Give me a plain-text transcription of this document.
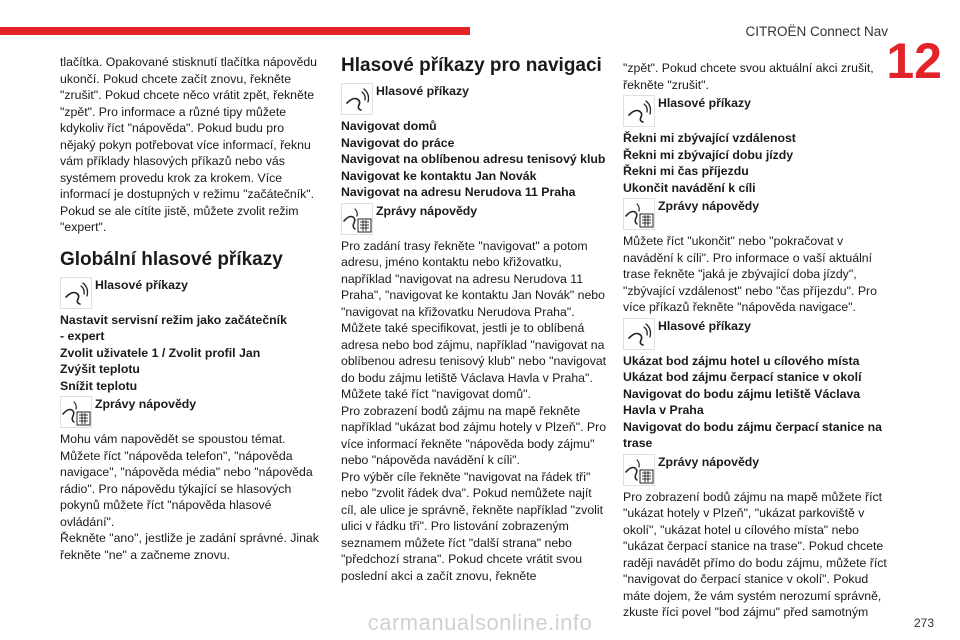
CITROËN Connect Nav
12

tlačítka. Opakované stisknutí tlačítka nápovědu ukončí. Pokud chcete začít znovu, řekněte "zrušit". Pokud chcete něco vrátit zpět, řekněte "zpět". Pro informace a různé tipy můžete kdykoliv říct "nápověda". Pokud budu pro nějaký pokyn potřebovat více informací, řeknu vám příklady hlasových příkazů nebo vás systémem provedu krok za krokem. Více informací je dostupných v režimu "začátečník". Pokud se ale cítíte jistě, můžete zvolit režim "expert".

Globální hlasové příkazy
Hlasové příkazy
Nastavit servisní režim jako začátečník
- expert
Zvolit uživatele 1 / Zvolit profil Jan
Zvýšit teplotu
Snížit teplotu
Zprávy nápovědy

Mohu vám napovědět se spoustou témat. Můžete říct "nápověda telefon", "nápověda navigace", "nápověda média" nebo "nápověda rádio". Pro nápovědu týkající se hlasových pokynů můžete říct "nápověda hlasové ovládání".

Řekněte "ano", jestliže je zadání správné. Jinak řekněte "ne" a začneme znovu.

Hlasové příkazy pro navigaci
Hlasové příkazy
Navigovat domů
Navigovat do práce
Navigovat na oblíbenou adresu tenisový klub
Navigovat ke kontaktu Jan Novák
Navigovat na adresu Nerudova 11 Praha
Zprávy nápovědy

Pro zadání trasy řekněte "navigovat" a potom adresu, jméno kontaktu nebo křižovatku, například "navigovat na adresu Nerudova 11 Praha", "navigovat ke kontaktu Jan Novák" nebo "navigovat na křižovatku Nerudova Praha". Můžete také specifikovat, jestli je to oblíbená adresa nebo bod zájmu, například "navigovat na oblíbenou adresu tenisový klub" nebo "navigovat do bodu zájmu letiště Václava Havla v Praha". Můžete také říct "navigovat domů".

Pro zobrazení bodů zájmu na mapě řekněte například "ukázat bod zájmu hotely v Plzeň". Pro více informací řekněte "nápověda body zájmu" nebo "nápověda navádění k cíli".

Pro výběr cíle řekněte "navigovat na řádek tři" nebo "zvolit řádek dva". Pokud nemůžete najít cíl, ale ulice je správně, řekněte například "zvolit ulici v řádku tři". Pro listování zobrazeným seznamem můžete říct "další strana" nebo "předchozí strana". Pokud chcete vrátit svou poslední akci a začít znovu, řekněte

"zpět". Pokud chcete svou aktuální akci zrušit, řekněte "zrušit".

Hlasové příkazy
Řekni mi zbývající vzdálenost
Řekni mi zbývající dobu jízdy
Řekni mi čas příjezdu
Ukončit navádění k cíli
Zprávy nápovědy

Můžete říct "ukončit" nebo "pokračovat v navádění k cíli". Pro informace o vaší aktuální trase řekněte "jaká je zbývající doba jízdy", "zbývající vzdálenost" nebo "čas příjezdu". Pro více příkazů řekněte "nápověda navigace".

Hlasové příkazy
Ukázat bod zájmu hotel u cílového místa
Ukázat bod zájmu čerpací stanice v okolí
Navigovat do bodu zájmu letiště Václava Havla v Praha
Navigovat do bodu zájmu čerpací stanice na trase
Zprávy nápovědy

Pro zobrazení bodů zájmu na mapě můžete říct "ukázat hotely v Plzeň", "ukázat parkoviště v okolí", "ukázat hotel u cílového místa" nebo "ukázat čerpací stanice na trase". Pokud chcete raději navádět přímo do bodu zájmu, můžete říct "navigovat do čerpací stanice v okolí". Pokud máte dojem, že vám systém nerozumí správně, zkuste říci povel "bod zájmu" před samotným

carmanualsonline.info	273
